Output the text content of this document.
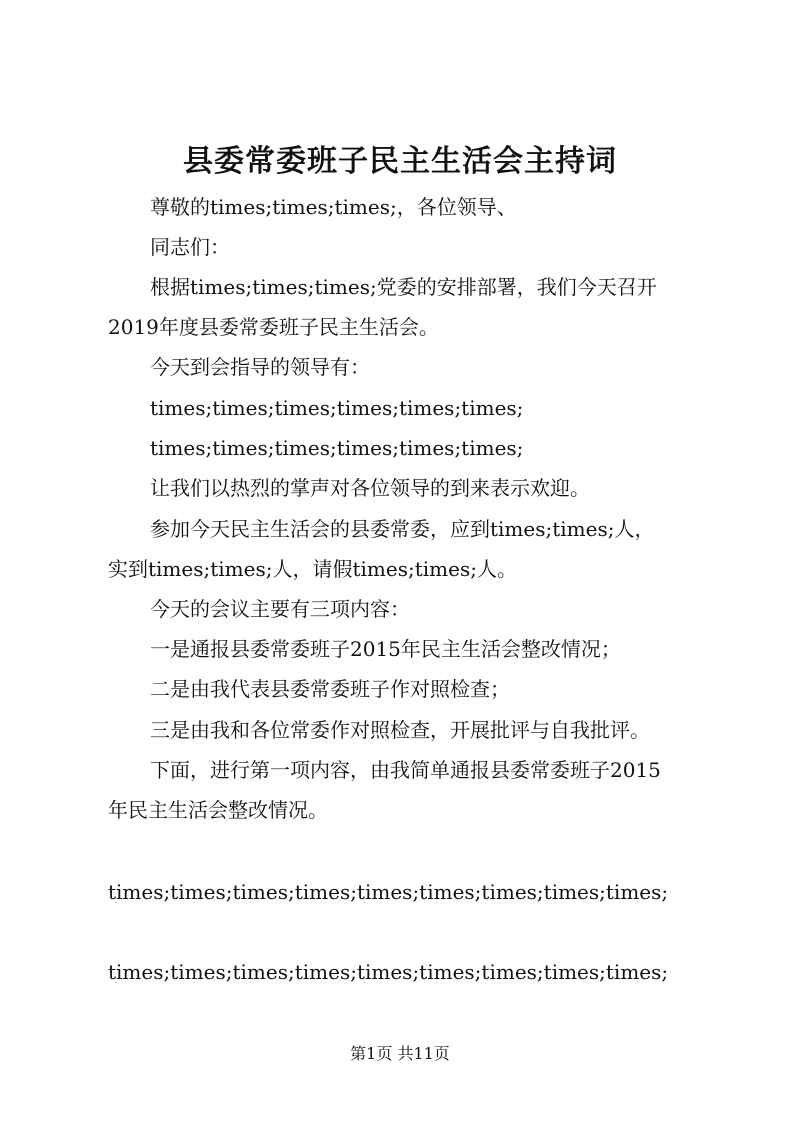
县委常委班子民主生活会主持词
尊敬的times;times;times;，各位领导、
同志们：
根据times;times;times;党委的安排部署，我们今天召开
2019年度县委常委班子民主生活会。
今天到会指导的领导有：
times;times;times;times;times;times;
times;times;times;times;times;times;
让我们以热烈的掌声对各位领导的到来表示欢迎。
参加今天民主生活会的县委常委，应到times;times;人，
实到times;times;人，请假times;times;人。
今天的会议主要有三项内容：
一是通报县委常委班子2015年民主生活会整改情况；
二是由我代表县委常委班子作对照检查；
三是由我和各位常委作对照检查，开展批评与自我批评。
下面，进行第一项内容，由我简单通报县委常委班子2015
年民主生活会整改情况。
times;times;times;times;times;times;times;times;times;
times;times;times;times;times;times;times;times;times;
第1页 共11页
